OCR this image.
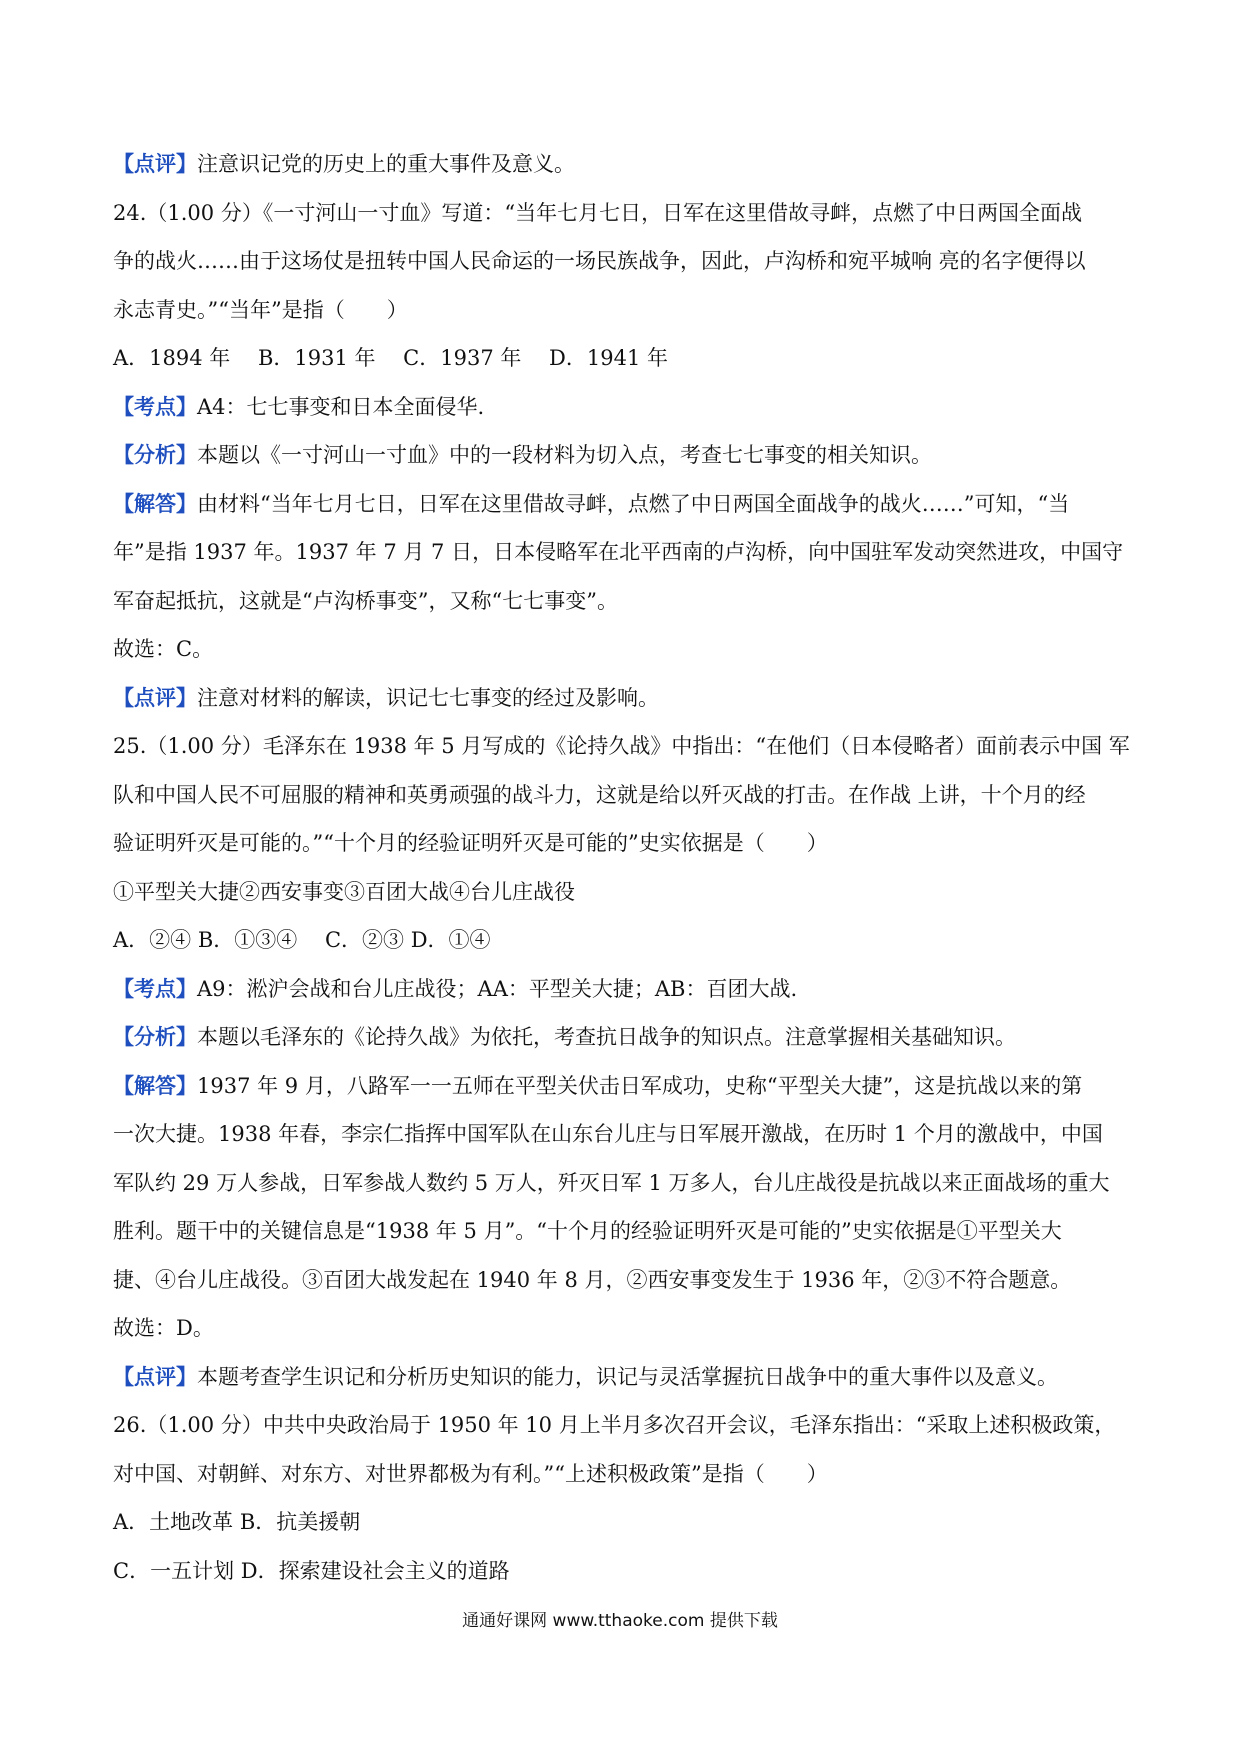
【点评】注意识记党的历史上的重大事件及意义。
24.（1.00 分）《一寸河山一寸血》写道：“当年七月七日，日军在这里借故寻衅，点燃了中日两国全面战
争的战火……由于这场仗是扭转中国人民命运的一场民族战争，因此，卢沟桥和宛平城响 亮的名字便得以
永志青史。”“当年”是指（　　）
A．1894 年　 B．1931 年　 C．1937 年　 D．1941 年
【考点】A4：七七事变和日本全面侵华.
【分析】本题以《一寸河山一寸血》中的一段材料为切入点，考查七七事变的相关知识。
【解答】由材料“当年七月七日，日军在这里借故寻衅，点燃了中日两国全面战争的战火……”可知，“当
年”是指 1937 年。1937 年 7 月 7 日，日本侵略军在北平西南的卢沟桥，向中国驻军发动突然进攻，中国守
军奋起抵抗，这就是“卢沟桥事变”，又称“七七事变”。
故选：C。
【点评】注意对材料的解读，识记七七事变的经过及影响。
25.（1.00 分）毛泽东在 1938 年 5 月写成的《论持久战》中指出：“在他们（日本侵略者）面前表示中国 军
队和中国人民不可屈服的精神和英勇顽强的战斗力，这就是给以歼灭战的打击。在作战 上讲，十个月的经
验证明歼灭是可能的。”“十个月的经验证明歼灭是可能的”史实依据是（　　）
①平型关大捷②西安事变③百团大战④台儿庄战役
A．②④ B．①③④　 C．②③ D．①④
【考点】A9：淞沪会战和台儿庄战役；AA：平型关大捷；AB：百团大战.
【分析】本题以毛泽东的《论持久战》为依托，考查抗日战争的知识点。注意掌握相关基础知识。
【解答】1937 年 9 月，八路军一一五师在平型关伏击日军成功，史称“平型关大捷”，这是抗战以来的第
一次大捷。1938 年春，李宗仁指挥中国军队在山东台儿庄与日军展开激战，在历时 1 个月的激战中，中国
军队约 29 万人参战，日军参战人数约 5 万人，歼灭日军 1 万多人，台儿庄战役是抗战以来正面战场的重大
胜利。题干中的关键信息是“1938 年 5 月”。“十个月的经验证明歼灭是可能的”史实依据是①平型关大
捷、④台儿庄战役。③百团大战发起在 1940 年 8 月，②西安事变发生于 1936 年，②③不符合题意。
故选：D。
【点评】本题考查学生识记和分析历史知识的能力，识记与灵活掌握抗日战争中的重大事件以及意义。
26.（1.00 分）中共中央政治局于 1950 年 10 月上半月多次召开会议，毛泽东指出：“采取上述积极政策，
对中国、对朝鲜、对东方、对世界都极为有利。”“上述积极政策”是指（　　）
A．土地改革 B．抗美援朝
C．一五计划 D．探索建设社会主义的道路
通通好课网 www.tthaoke.com 提供下载
